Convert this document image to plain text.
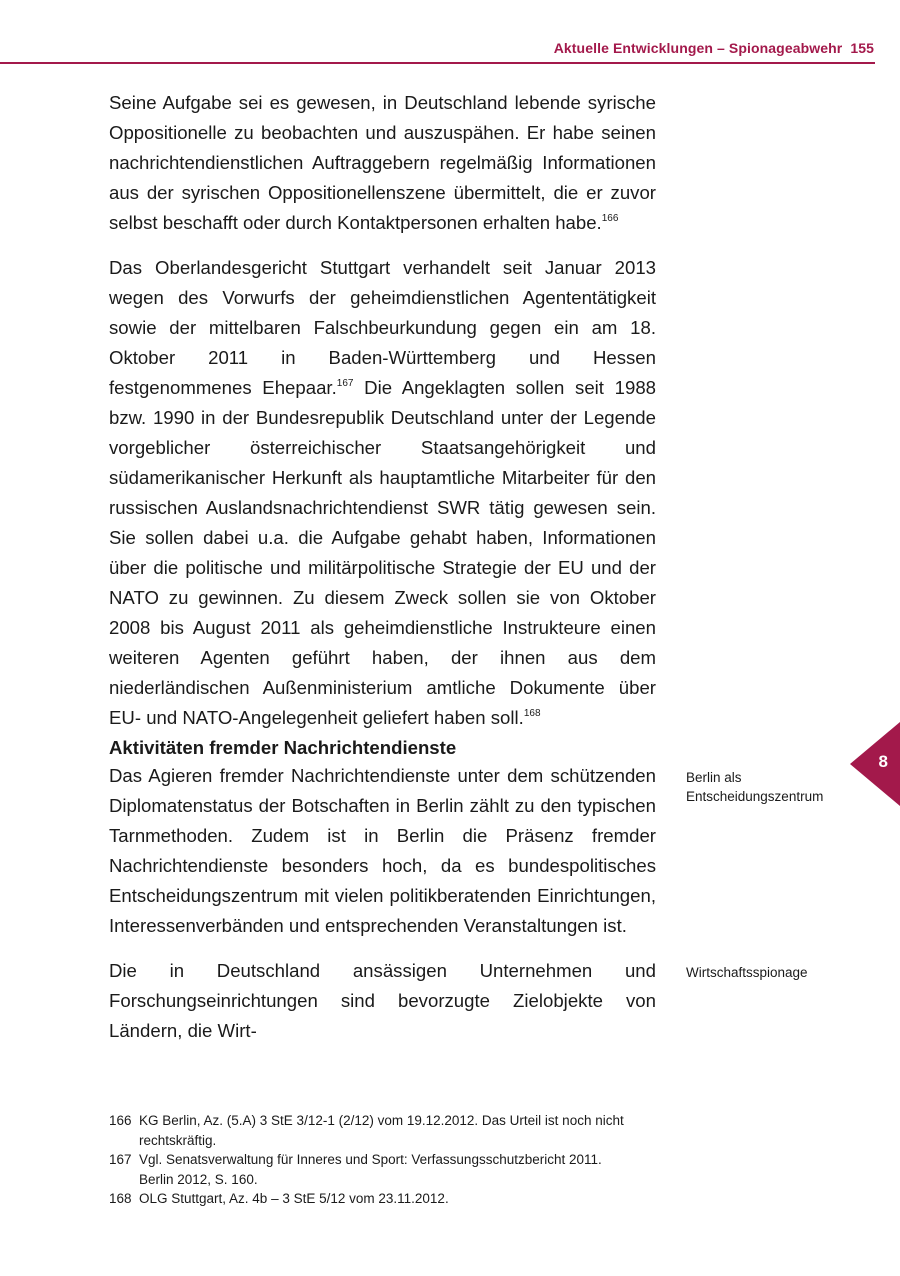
Aktuelle Entwicklungen – Spionageabwehr 155

Seine Aufgabe sei es gewesen, in Deutschland lebende syrische Oppositionelle zu beobachten und auszuspähen. Er habe seinen nachrichtendienstlichen Auftraggebern regelmäßig Informationen aus der syrischen Oppositionellenszene übermittelt, die er zuvor selbst beschafft oder durch Kontaktpersonen erhalten habe.$^{166}$

Das Oberlandesgericht Stuttgart verhandelt seit Januar 2013 wegen des Vorwurfs der geheimdienstlichen Agententätigkeit sowie der mittelbaren Falschbeurkundung gegen ein am 18. Oktober 2011 in Baden-Württemberg und Hessen festgenommenes Ehepaar.$^{167}$ Die Angeklagten sollen seit 1988 bzw. 1990 in der Bundesrepublik Deutschland unter der Legende vorgeblicher österreichischer Staatsangehörigkeit und südamerikanischer Herkunft als hauptamtliche Mitarbeiter für den russischen Auslandsnachrichtendienst SWR tätig gewesen sein. Sie sollen dabei u.a. die Aufgabe gehabt haben, Informationen über die politische und militärpolitische Strategie der EU und der NATO zu gewinnen. Zu diesem Zweck sollen sie von Oktober 2008 bis August 2011 als geheimdienstliche Instrukteure einen weiteren Agenten geführt haben, der ihnen aus dem niederländischen Außenministerium amtliche Dokumente über EU- und NATO-Angelegenheit geliefert haben soll.$^{168}$

Aktivitäten fremder Nachrichtendienste

Das Agieren fremder Nachrichtendienste unter dem schützenden Diplomatenstatus der Botschaften in Berlin zählt zu den typischen Tarnmethoden. Zudem ist in Berlin die Präsenz fremder Nachrichtendienste besonders hoch, da es bundespolitisches Entscheidungszentrum mit vielen politikberatenden Einrichtungen, Interessenverbänden und entsprechenden Veranstaltungen ist.

Die in Deutschland ansässigen Unternehmen und Forschungseinrichtungen sind bevorzugte Zielobjekte von Ländern, die Wirt-

Berlin als
Entscheidungszentrum
Wirtschaftsspionage
8
166 KG Berlin, Az. (5.A) 3 StE 3/12-1 (2/12) vom 19.12.2012. Das Urteil ist noch nicht
rechtskräftig.
167 Vgl. Senatsverwaltung für Inneres und Sport: Verfassungsschutzbericht 2011.
Berlin 2012, S. 160.
168 OLG Stuttgart, Az. 4b – 3 StE 5/12 vom 23.11.2012.
